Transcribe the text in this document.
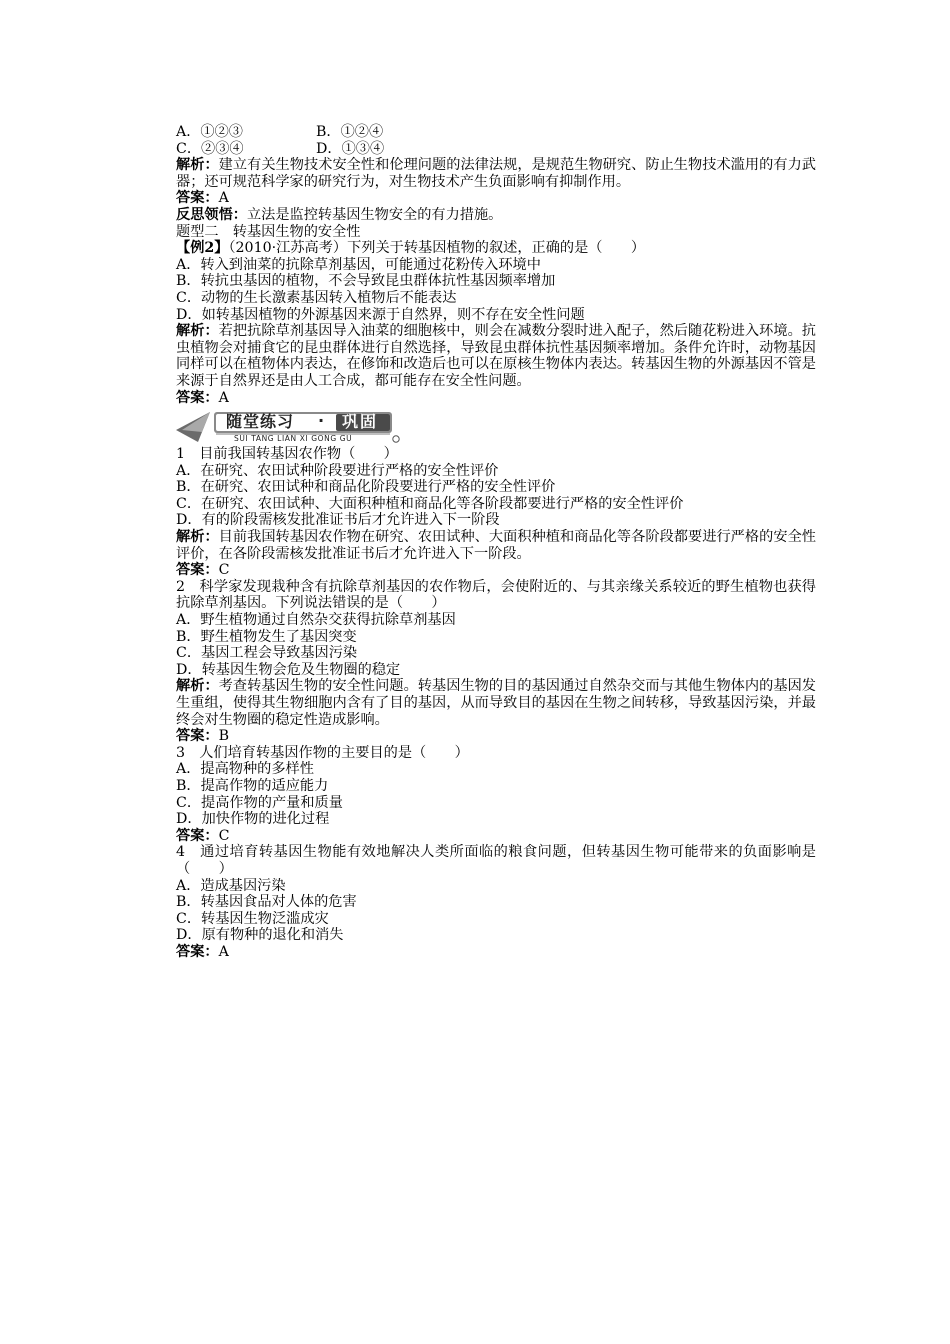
A．①②③	B．①②④
C．②③④	D．①③④
解析：建立有关生物技术安全性和伦理问题的法律法规，是规范生物研究、防止生物技术滥用的有力武器；还可规范科学家的研究行为，对生物技术产生负面影响有抑制作用。
答案：A
反思领悟：立法是监控转基因生物安全的有力措施。
题型二　转基因生物的安全性
【例2】（2010·江苏高考）下列关于转基因植物的叙述，正确的是（　　）
A．转入到油菜的抗除草剂基因，可能通过花粉传入环境中
B．转抗虫基因的植物，不会导致昆虫群体抗性基因频率增加
C．动物的生长激素基因转入植物后不能表达
D．如转基因植物的外源基因来源于自然界，则不存在安全性问题
解析：若把抗除草剂基因导入油菜的细胞核中，则会在减数分裂时进入配子，然后随花粉进入环境。抗虫植物会对捕食它的昆虫群体进行自然选择，导致昆虫群体抗性基因频率增加。条件允许时，动物基因同样可以在植物体内表达，在修饰和改造后也可以在原核生物体内表达。转基因生物的外源基因不管是来源于自然界还是由人工合成，都可能存在安全性问题。
答案：A
随堂练习 · 巩固
SUI TANG LIAN XI GONG GU
1　目前我国转基因农作物（　　）
A．在研究、农田试种阶段要进行严格的安全性评价
B．在研究、农田试种和商品化阶段要进行严格的安全性评价
C．在研究、农田试种、大面积种植和商品化等各阶段都要进行严格的安全性评价
D．有的阶段需核发批准证书后才允许进入下一阶段
解析：目前我国转基因农作物在研究、农田试种、大面积种植和商品化等各阶段都要进行严格的安全性评价，在各阶段需核发批准证书后才允许进入下一阶段。
答案：C
2　科学家发现栽种含有抗除草剂基因的农作物后，会使附近的、与其亲缘关系较近的野生植物也获得抗除草剂基因。下列说法错误的是（　　）
A．野生植物通过自然杂交获得抗除草剂基因
B．野生植物发生了基因突变
C．基因工程会导致基因污染
D．转基因生物会危及生物圈的稳定
解析：考查转基因生物的安全性问题。转基因生物的目的基因通过自然杂交而与其他生物体内的基因发生重组，使得其生物细胞内含有了目的基因，从而导致目的基因在生物之间转移，导致基因污染，并最终会对生物圈的稳定性造成影响。
答案：B
3　人们培育转基因作物的主要目的是（　　）
A．提高物种的多样性
B．提高作物的适应能力
C．提高作物的产量和质量
D．加快作物的进化过程
答案：C
4　通过培育转基因生物能有效地解决人类所面临的粮食问题，但转基因生物可能带来的负面影响是（　　）
A．造成基因污染
B．转基因食品对人体的危害
C．转基因生物泛滥成灾
D．原有物种的退化和消失
答案：A
